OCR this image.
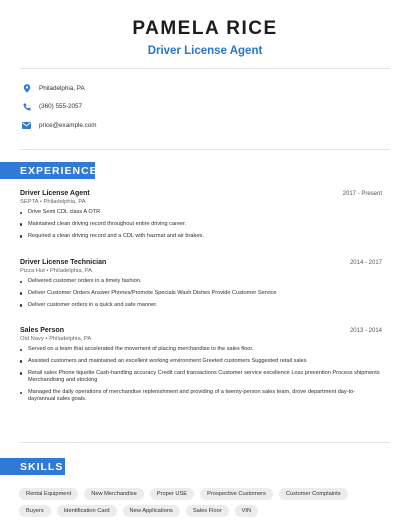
PAMELA RICE
Driver License Agent
Philadelphia, PA
(360) 555-2057
price@example.com
EXPERIENCE
Driver License Agent	2017 - Present
SEPTA • Philadelphia, PA
Drive Semi CDL class A OTR
Maintained clean driving record throughout entire driving career.
Required a clean driving record and a CDL with hazmat and air brakes.
Driver License Technician	2014 - 2017
Pizza Hut • Philadelphia, PA
Delivered customer orders in a timely fashion.
Deliver Customer Orders Answer Phones/Promote Specials Wash Dishes Provide Customer Service
Deliver customer orders in a quick and safe manner.
Sales Person	2013 - 2014
Old Navy • Philadelphia, PA
Served on a team that accelerated the movement of placing merchandise to the sales floor.
Assisted customers and maintained an excellent working environment Greeted customers Suggested retail sales
Retail sales Phone tiquette Cash-handling accuracy Credit card transactions Customer service excellence Loss prevention Process shipments Merchandising and stocking
Managed the daily operations of merchandise replenishment and providing of a twenty-person sales team, drove department day-to-day/annual sales goals.
SKILLS
Rental Equipment	New Merchandise	Proper USE	Prospective Customers	Customer Complaints
Buyers	Identification Card	New Applications	Sales Floor	VIN
